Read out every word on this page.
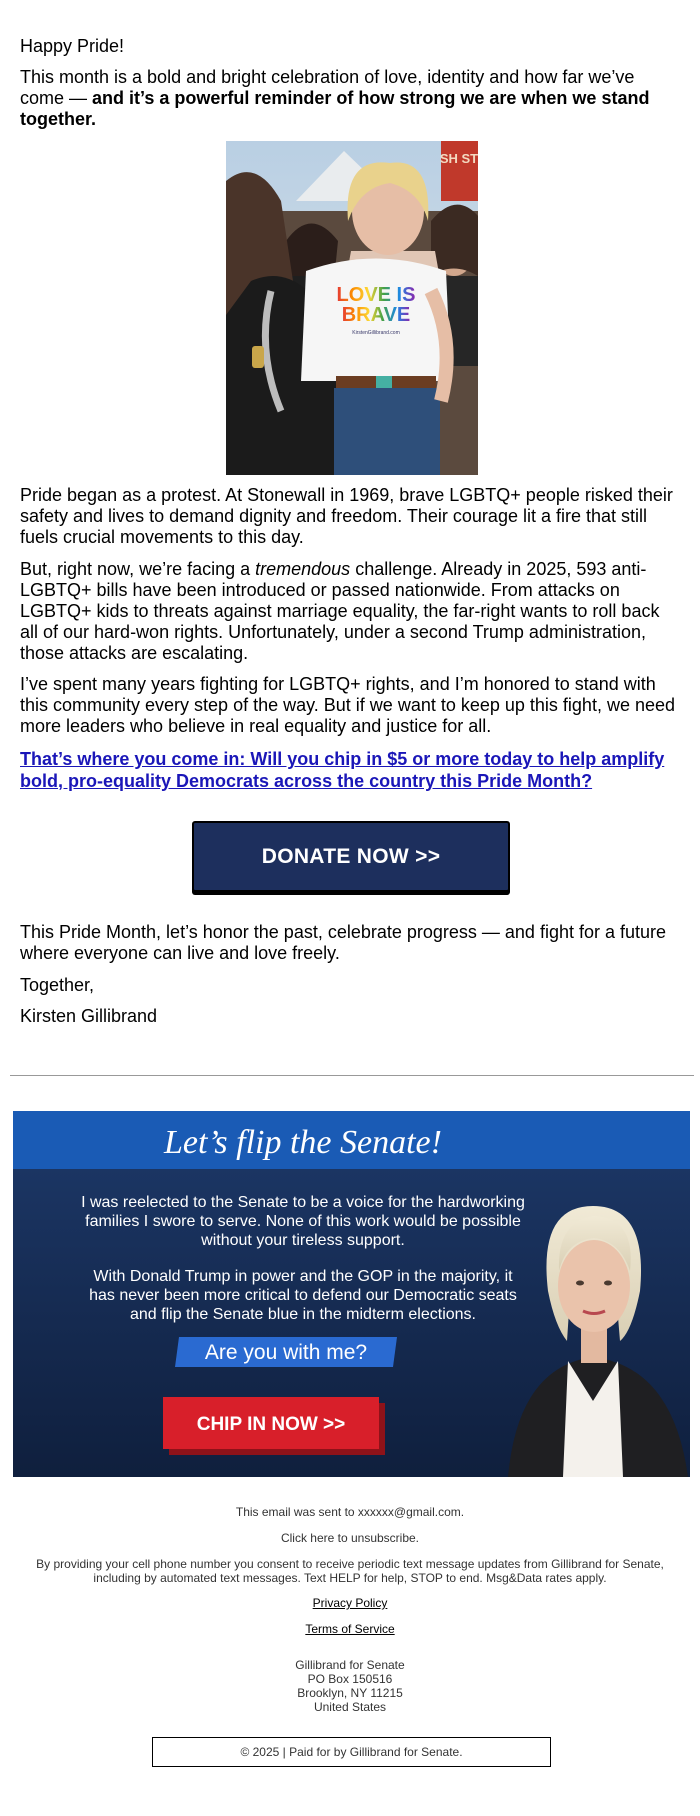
Happy Pride!

This month is a bold and bright celebration of love, identity and how far we’ve come — and it’s a powerful reminder of how strong we are when we stand together.

SH ST
LOVE IS
BRAVE
KirstenGillibrand.com

Pride began as a protest. At Stonewall in 1969, brave LGBTQ+ people risked their safety and lives to demand dignity and freedom. Their courage lit a fire that still fuels crucial movements to this day.

But, right now, we’re facing a tremendous challenge. Already in 2025, 593 anti-LGBTQ+ bills have been introduced or passed nationwide. From attacks on LGBTQ+ kids to threats against marriage equality, the far-right wants to roll back all of our hard-won rights. Unfortunately, under a second Trump administration, those attacks are escalating.

I’ve spent many years fighting for LGBTQ+ rights, and I’m honored to stand with this community every step of the way. But if we want to keep up this fight, we need more leaders who believe in real equality and justice for all.

That’s where you come in: Will you chip in $5 or more today to help amplify bold, pro-equality Democrats across the country this Pride Month?
DONATE NOW >>

This Pride Month, let’s honor the past, celebrate progress — and fight for a future where everyone can live and love freely.

Together,

Kirsten Gillibrand

Let’s flip the Senate!
I was reelected to the Senate to be a voice for the hardworking
families I swore to serve. None of this work would be possible
without your tireless support.
With Donald Trump in power and the GOP in the majority, it
has never been more critical to defend our Democratic seats
and flip the Senate blue in the midterm elections.
Are you with me?
CHIP IN NOW >>
This email was sent to xxxxxx@gmail.com.
Click here to unsubscribe.
By providing your cell phone number you consent to receive periodic text message updates from Gillibrand for Senate,
including by automated text messages. Text HELP for help, STOP to end. Msg&Data rates apply.
Privacy Policy
Terms of Service
Gillibrand for Senate
PO Box 150516
Brooklyn, NY 11215
United States
© 2025 | Paid for by Gillibrand for Senate.
